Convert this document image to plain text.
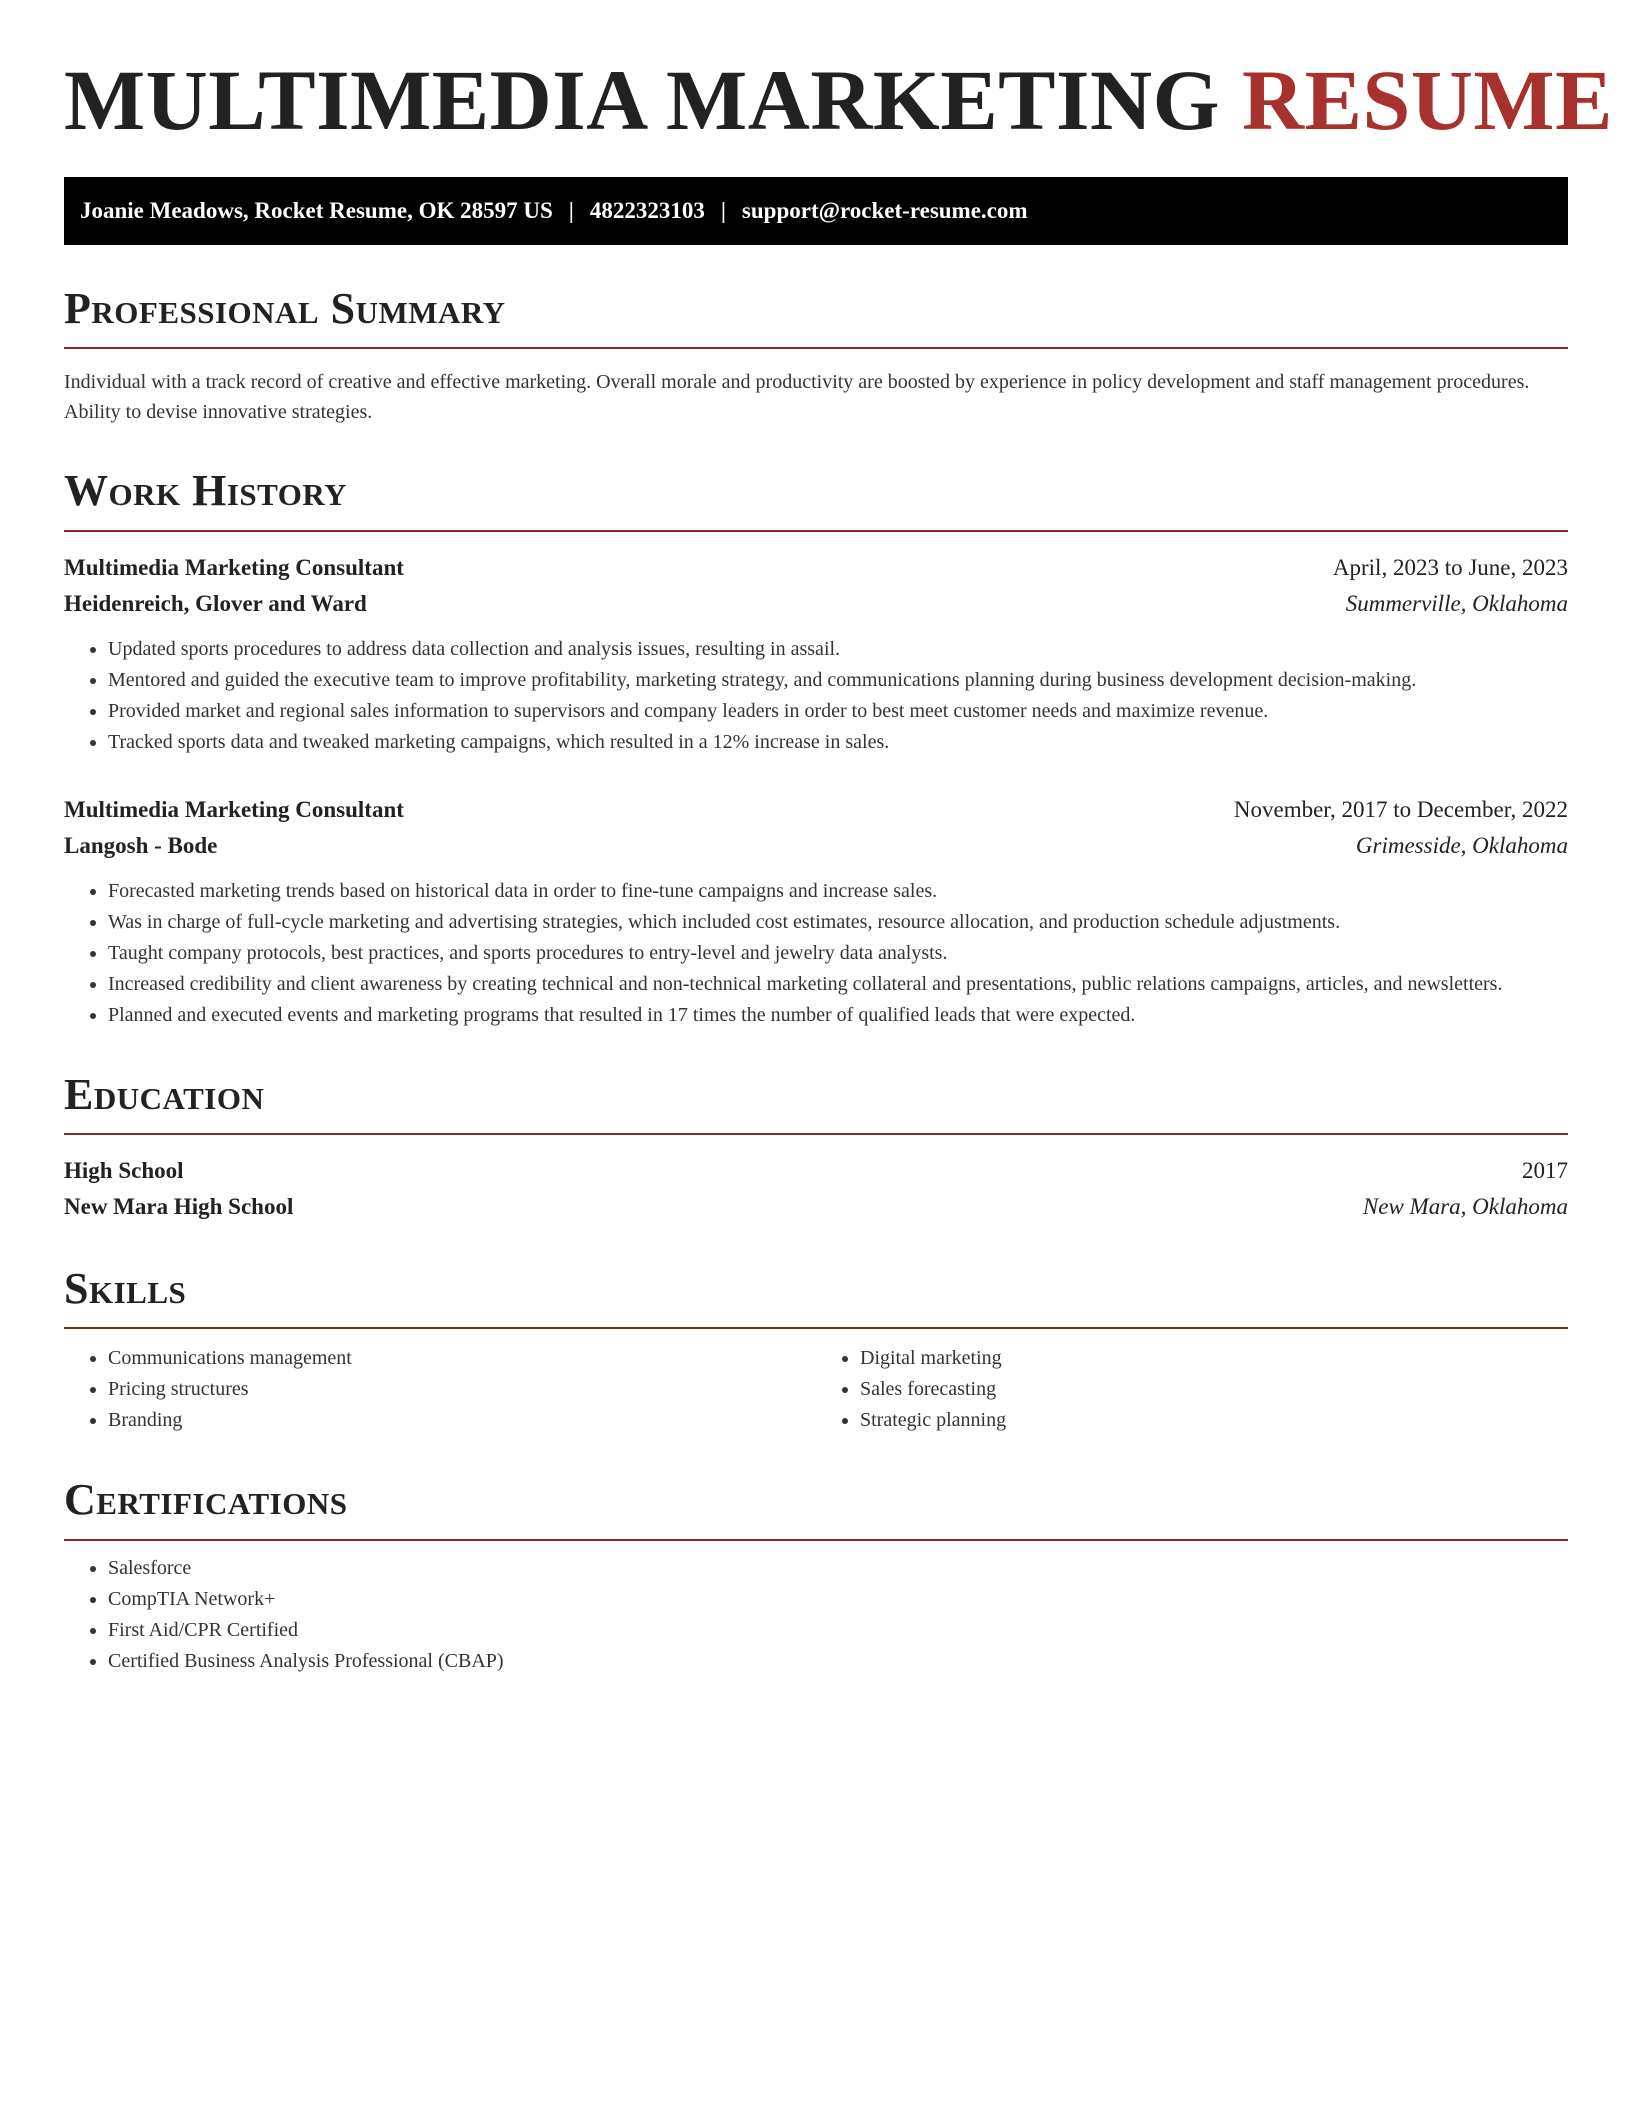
MULTIMEDIA MARKETING RESUME
Joanie Meadows, Rocket Resume, OK 28597 US | 4822323103 | support@rocket-resume.com
Professional Summary

Individual with a track record of creative and effective marketing. Overall morale and productivity are boosted by experience in policy development and staff management procedures. Ability to devise innovative strategies.

Work History
Multimedia Marketing Consultant	April, 2023 to June, 2023
Heidenreich, Glover and Ward	Summerville, Oklahoma
• Updated sports procedures to address data collection and analysis issues, resulting in assail.
• Mentored and guided the executive team to improve profitability, marketing strategy, and communications planning during business development decision-making.
• Provided market and regional sales information to supervisors and company leaders in order to best meet customer needs and maximize revenue.
• Tracked sports data and tweaked marketing campaigns, which resulted in a 12% increase in sales.
Multimedia Marketing Consultant	November, 2017 to December, 2022
Langosh - Bode	Grimesside, Oklahoma
• Forecasted marketing trends based on historical data in order to fine-tune campaigns and increase sales.
• Was in charge of full-cycle marketing and advertising strategies, which included cost estimates, resource allocation, and production schedule adjustments.
• Taught company protocols, best practices, and sports procedures to entry-level and jewelry data analysts.
• Increased credibility and client awareness by creating technical and non-technical marketing collateral and presentations, public relations campaigns, articles, and newsletters.
• Planned and executed events and marketing programs that resulted in 17 times the number of qualified leads that were expected.
Education
High School	2017
New Mara High School	New Mara, Oklahoma
Skills
• Communications management
• Pricing structures
• Branding
• Digital marketing
• Sales forecasting
• Strategic planning
Certifications
• Salesforce
• CompTIA Network+
• First Aid/CPR Certified
• Certified Business Analysis Professional (CBAP)
